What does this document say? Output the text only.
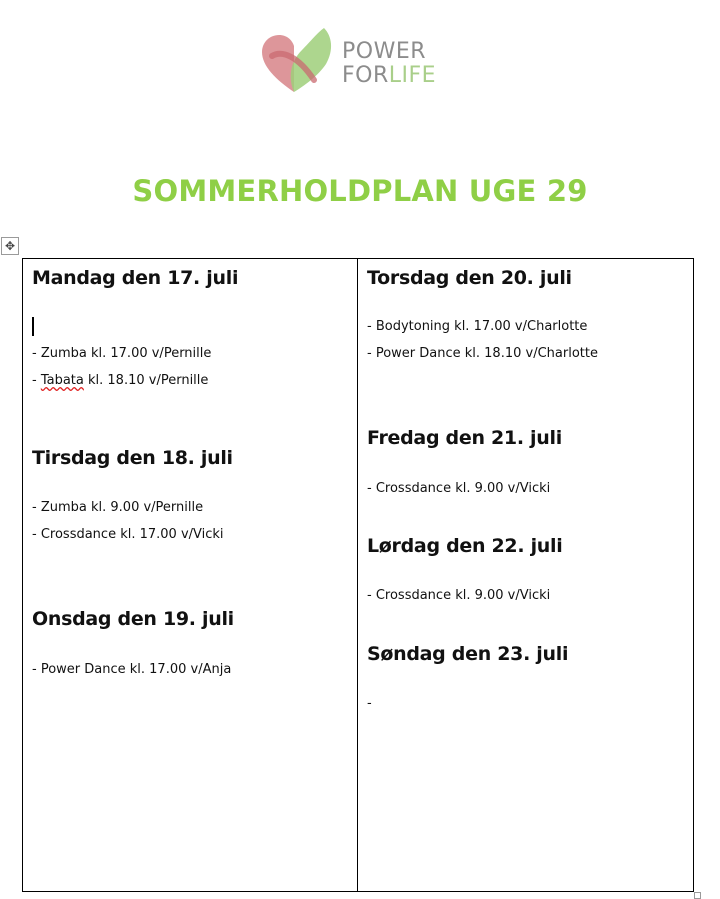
POWER
FORLIFE
SOMMERHOLDPLAN UGE 29
✥
Mandag den 17. juli
- Zumba kl. 17.00 v/Pernille
- Tabata kl. 18.10 v/Pernille
Tirsdag den 18. juli
- Zumba kl. 9.00 v/Pernille
- Crossdance kl. 17.00 v/Vicki
Onsdag den 19. juli
- Power Dance kl. 17.00 v/Anja
Torsdag den 20. juli
- Bodytoning kl. 17.00 v/Charlotte
- Power Dance kl. 18.10 v/Charlotte
Fredag den 21. juli
- Crossdance kl. 9.00 v/Vicki
Lørdag den 22. juli
- Crossdance kl. 9.00 v/Vicki
Søndag den 23. juli
-
